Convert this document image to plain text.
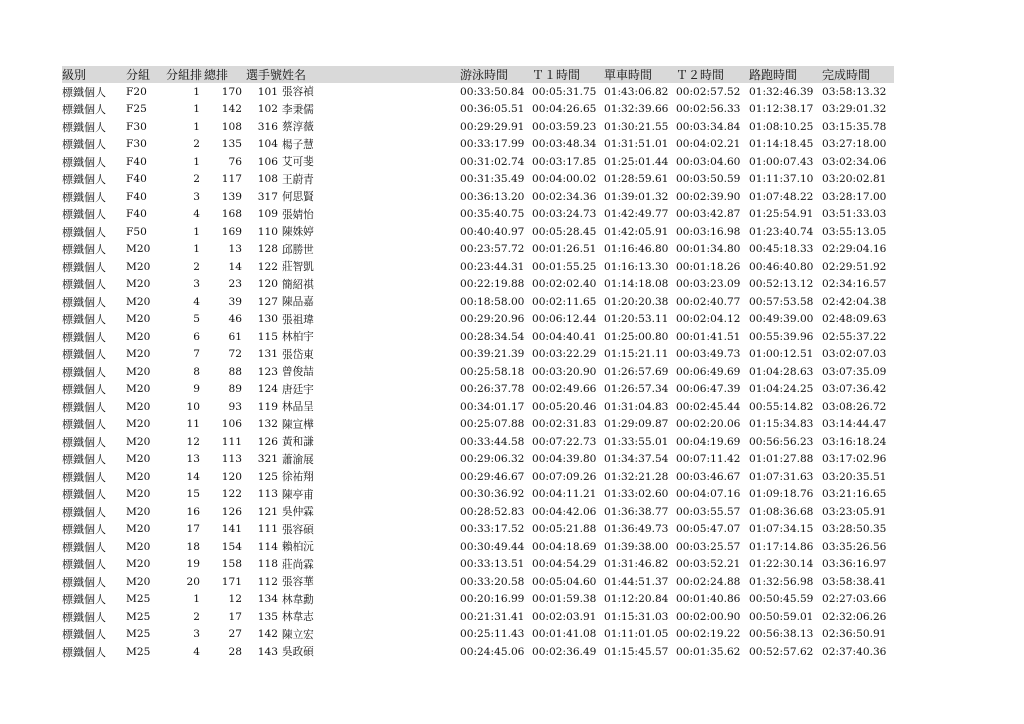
級別	分組	分組排	總排	選手號	姓名	游泳時間	Ｔ１時間	單車時間	Ｔ２時間	路跑時間	完成時間
標鐵個人	F20	1	170	101	張容禎	00:33:50.84	00:05:31.75	01:43:06.82	00:02:57.52	01:32:46.39	03:58:13.32
標鐵個人	F25	1	142	102	李秉儒	00:36:05.51	00:04:26.65	01:32:39.66	00:02:56.33	01:12:38.17	03:29:01.32
標鐵個人	F30	1	108	316	蔡淳薇	00:29:29.91	00:03:59.23	01:30:21.55	00:03:34.84	01:08:10.25	03:15:35.78
標鐵個人	F30	2	135	104	楊子慧	00:33:17.99	00:03:48.34	01:31:51.01	00:04:02.21	01:14:18.45	03:27:18.00
標鐵個人	F40	1	76	106	艾可斐	00:31:02.74	00:03:17.85	01:25:01.44	00:03:04.60	01:00:07.43	03:02:34.06
標鐵個人	F40	2	117	108	王蔚青	00:31:35.49	00:04:00.02	01:28:59.61	00:03:50.59	01:11:37.10	03:20:02.81
標鐵個人	F40	3	139	317	何思賢	00:36:13.20	00:02:34.36	01:39:01.32	00:02:39.90	01:07:48.22	03:28:17.00
標鐵個人	F40	4	168	109	張婧怡	00:35:40.75	00:03:24.73	01:42:49.77	00:03:42.87	01:25:54.91	03:51:33.03
標鐵個人	F50	1	169	110	陳姝婷	00:40:40.97	00:05:28.45	01:42:05.91	00:03:16.98	01:23:40.74	03:55:13.05
標鐵個人	M20	1	13	128	邱勝世	00:23:57.72	00:01:26.51	01:16:46.80	00:01:34.80	00:45:18.33	02:29:04.16
標鐵個人	M20	2	14	122	莊智凱	00:23:44.31	00:01:55.25	01:16:13.30	00:01:18.26	00:46:40.80	02:29:51.92
標鐵個人	M20	3	23	120	簡紹祺	00:22:19.88	00:02:02.40	01:14:18.08	00:03:23.09	00:52:13.12	02:34:16.57
標鐵個人	M20	4	39	127	陳品嘉	00:18:58.00	00:02:11.65	01:20:20.38	00:02:40.77	00:57:53.58	02:42:04.38
標鐵個人	M20	5	46	130	張祖瑋	00:29:20.96	00:06:12.44	01:20:53.11	00:02:04.12	00:49:39.00	02:48:09.63
標鐵個人	M20	6	61	115	林柏宇	00:28:34.54	00:04:40.41	01:25:00.80	00:01:41.51	00:55:39.96	02:55:37.22
標鐵個人	M20	7	72	131	張岱東	00:39:21.39	00:03:22.29	01:15:21.11	00:03:49.73	01:00:12.51	03:02:07.03
標鐵個人	M20	8	88	123	曾俊喆	00:25:58.18	00:03:20.90	01:26:57.69	00:06:49.69	01:04:28.63	03:07:35.09
標鐵個人	M20	9	89	124	唐廷宇	00:26:37.78	00:02:49.66	01:26:57.34	00:06:47.39	01:04:24.25	03:07:36.42
標鐵個人	M20	10	93	119	林品呈	00:34:01.17	00:05:20.46	01:31:04.83	00:02:45.44	00:55:14.82	03:08:26.72
標鐵個人	M20	11	106	132	陳宣樺	00:25:07.88	00:02:31.83	01:29:09.87	00:02:20.06	01:15:34.83	03:14:44.47
標鐵個人	M20	12	111	126	黃和謙	00:33:44.58	00:07:22.73	01:33:55.01	00:04:19.69	00:56:56.23	03:16:18.24
標鐵個人	M20	13	113	321	蕭渝展	00:29:06.32	00:04:39.80	01:34:37.54	00:07:11.42	01:01:27.88	03:17:02.96
標鐵個人	M20	14	120	125	徐祐翔	00:29:46.67	00:07:09.26	01:32:21.28	00:03:46.67	01:07:31.63	03:20:35.51
標鐵個人	M20	15	122	113	陳亭甫	00:30:36.92	00:04:11.21	01:33:02.60	00:04:07.16	01:09:18.76	03:21:16.65
標鐵個人	M20	16	126	121	吳仲霖	00:28:52.83	00:04:42.06	01:36:38.77	00:03:55.57	01:08:36.68	03:23:05.91
標鐵個人	M20	17	141	111	張容碩	00:33:17.52	00:05:21.88	01:36:49.73	00:05:47.07	01:07:34.15	03:28:50.35
標鐵個人	M20	18	154	114	賴柏沅	00:30:49.44	00:04:18.69	01:39:38.00	00:03:25.57	01:17:14.86	03:35:26.56
標鐵個人	M20	19	158	118	莊尚霖	00:33:13.51	00:04:54.29	01:31:46.82	00:03:52.21	01:22:30.14	03:36:16.97
標鐵個人	M20	20	171	112	張容華	00:33:20.58	00:05:04.60	01:44:51.37	00:02:24.88	01:32:56.98	03:58:38.41
標鐵個人	M25	1	12	134	林韋勳	00:20:16.99	00:01:59.38	01:12:20.84	00:01:40.86	00:50:45.59	02:27:03.66
標鐵個人	M25	2	17	135	林韋志	00:21:31.41	00:02:03.91	01:15:31.03	00:02:00.90	00:50:59.01	02:32:06.26
標鐵個人	M25	3	27	142	陳立宏	00:25:11.43	00:01:41.08	01:11:01.05	00:02:19.22	00:56:38.13	02:36:50.91
標鐵個人	M25	4	28	143	吳政碩	00:24:45.06	00:02:36.49	01:15:45.57	00:01:35.62	00:52:57.62	02:37:40.36
